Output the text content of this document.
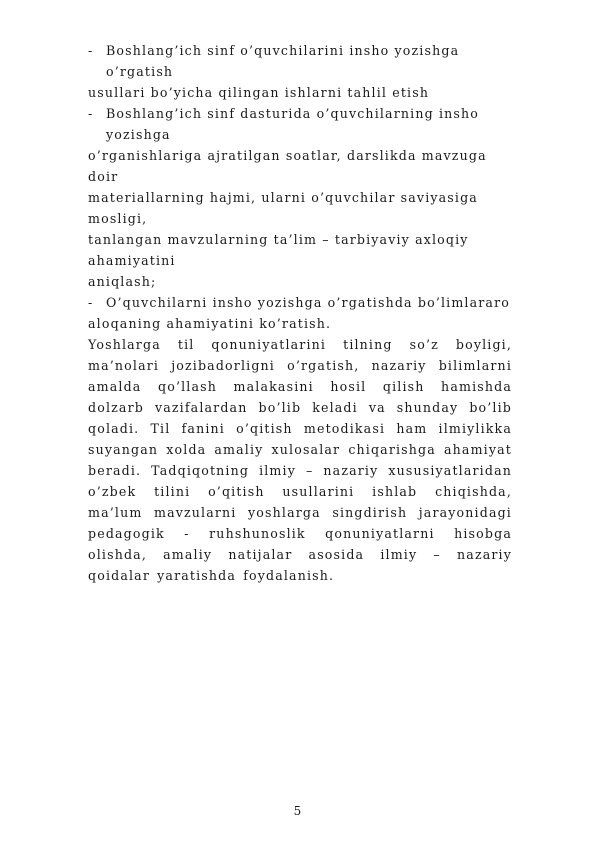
- Boshlang’ich sinf o’quvchilarini insho yozishga o’rgatish
usullari bo’yicha qilingan ishlarni tahlil etish
- Boshlang’ich sinf dasturida o’quvchilarning insho yozishga
o’rganishlariga ajratilgan soatlar, darslikda mavzuga doir
materiallarning hajmi, ularni o’quvchilar saviyasiga mosligi,
tanlangan mavzularning ta’lim – tarbiyaviy axloqiy ahamiyatini
aniqlash;
- O’quvchilarni insho yozishga o’rgatishda bo’limlararo
aloqaning ahamiyatini ko’ratish.

Yoshlarga til qonuniyatlarini tilning so’z boyligi, ma’nolari jozibadorligni o’rgatish, nazariy bilimlarni amalda qo’llash malakasini hosil qilish hamishda dolzarb vazifalardan bo’lib keladi va shunday bo’lib qoladi. Til fanini o’qitish metodikasi ham ilmiylikka suyangan xolda amaliy xulosalar chiqarishga ahamiyat beradi. Tadqiqotning ilmiy – nazariy xususiyatlaridan o’zbek tilini o’qitish usullarini ishlab chiqishda, ma’lum mavzularni yoshlarga singdirish jarayonidagi pedagogik - ruhshunoslik qonuniyatlarni hisobga olishda, amaliy natijalar asosida ilmiy – nazariy qoidalar yaratishda foydalanish.

5
